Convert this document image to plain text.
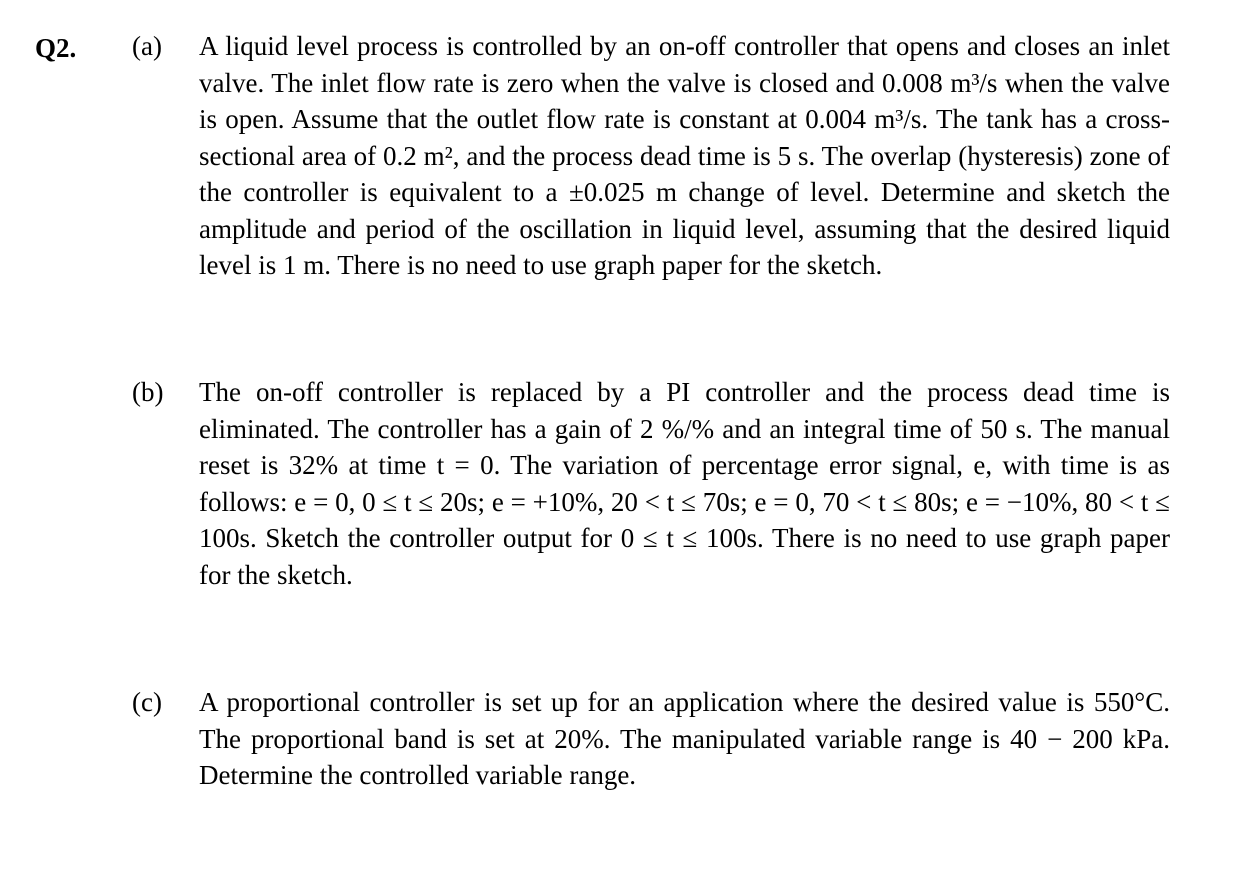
Q2. (a) A liquid level process is controlled by an on-off controller that opens and closes an inlet valve. The inlet flow rate is zero when the valve is closed and 0.008 m³/s when the valve is open. Assume that the outlet flow rate is constant at 0.004 m³/s. The tank has a cross-sectional area of 0.2 m², and the process dead time is 5 s. The overlap (hysteresis) zone of the controller is equivalent to a ±0.025 m change of level. Determine and sketch the amplitude and period of the oscillation in liquid level, assuming that the desired liquid level is 1 m. There is no need to use graph paper for the sketch.
(b) The on-off controller is replaced by a PI controller and the process dead time is eliminated. The controller has a gain of 2 %/% and an integral time of 50 s. The manual reset is 32% at time t = 0. The variation of percentage error signal, e, with time is as follows: e = 0, 0 ≤ t ≤ 20s; e = +10%, 20 < t ≤ 70s; e = 0, 70 < t ≤ 80s; e = −10%, 80 < t ≤ 100s. Sketch the controller output for 0 ≤ t ≤ 100s. There is no need to use graph paper for the sketch.
(c) A proportional controller is set up for an application where the desired value is 550°C. The proportional band is set at 20%. The manipulated variable range is 40 − 200 kPa. Determine the controlled variable range.
